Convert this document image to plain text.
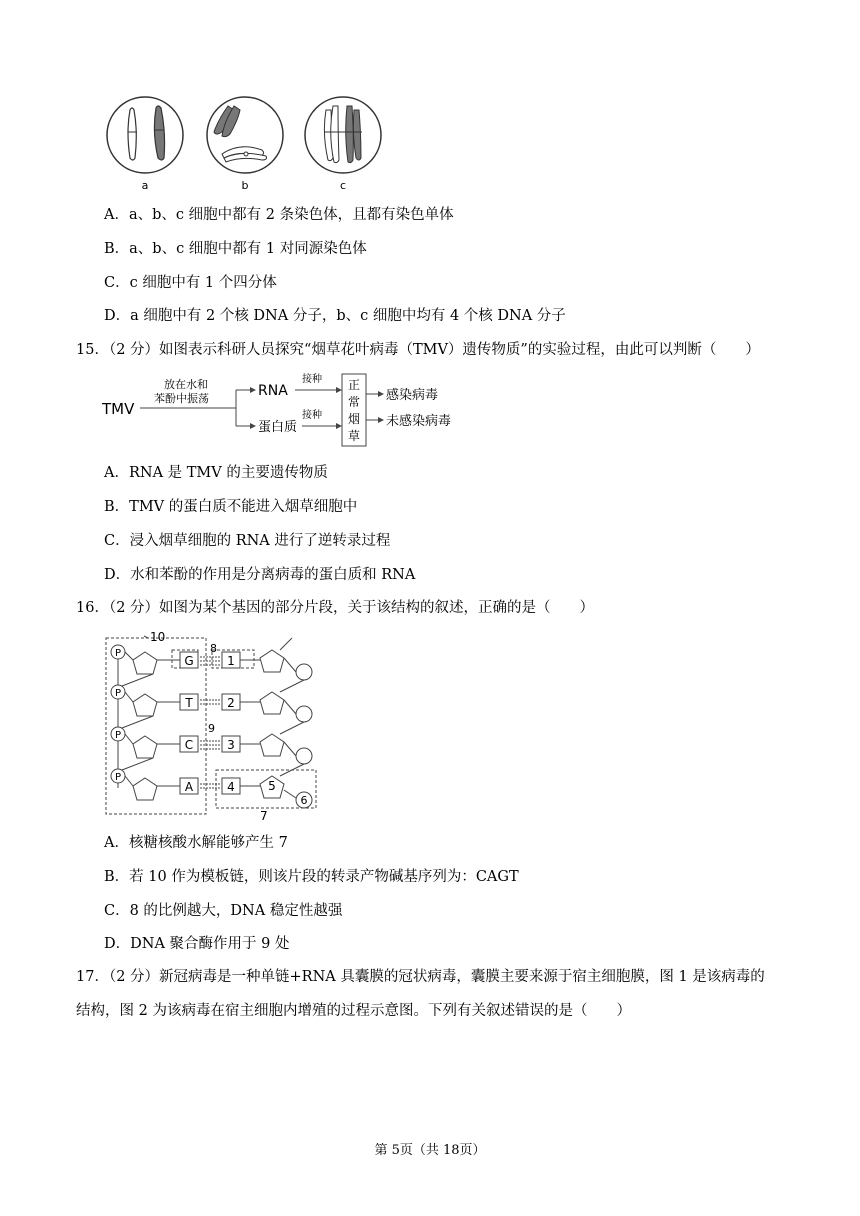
a	b	c
A．a、b、c 细胞中都有 2 条染色体，且都有染色单体
B．a、b、c 细胞中都有 1 对同源染色体
C．c 细胞中有 1 个四分体
D．a 细胞中有 2 个核 DNA 分子，b、c 细胞中均有 4 个核 DNA 分子
15．（2 分）如图表示科研人员探究“烟草花叶病毒（TMV）遗传物质”的实验过程，由此可以判断（　　）
TMV
放在水和
苯酚中振荡	RNA
蛋白质
接种
接种
正
常
烟
草
感染病毒
未感染病毒
A．RNA 是 TMV 的主要遗传物质
B．TMV 的蛋白质不能进入烟草细胞中
C．浸入烟草细胞的 RNA 进行了逆转录过程
D．水和苯酚的作用是分离病毒的蛋白质和 RNA
16．（2 分）如图为某个基因的部分片段，关于该结构的叙述，正确的是（　　）
10
P
P
P
P
G
T
C
A
8
9
1
2
3
4	5
6
7
A．核糖核酸水解能够产生 7
B．若 10 作为模板链，则该片段的转录产物碱基序列为：CAGT
C．8 的比例越大，DNA 稳定性越强
D．DNA 聚合酶作用于 9 处
17．（2 分）新冠病毒是一种单链+RNA 具囊膜的冠状病毒，囊膜主要来源于宿主细胞膜，图 1 是该病毒的
结构，图 2 为该病毒在宿主细胞内增殖的过程示意图。下列有关叙述错误的是（　　）
第 5页（共 18页）
